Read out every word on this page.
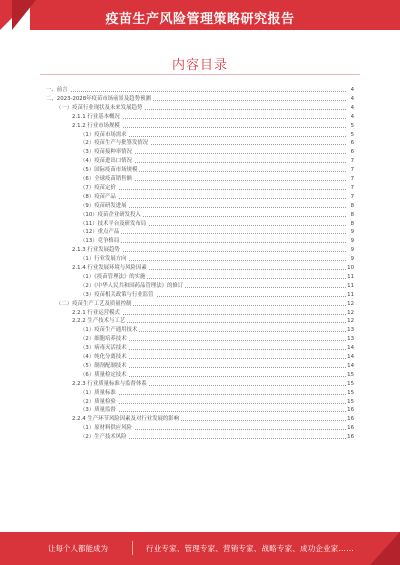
疫苗生产风险管理策略研究报告
内容目录
一、前言	4
二、2023-2028年疫苗市场前景及趋势预测	4
（一）疫苗行业现状及未来发展趋势	4
2.1.1 行业基本概况	4
2.1.2 行业市场规模	5
（1）疫苗市场需求	5
（2）疫苗生产与批签发情况	6
（3）疫苗接种率情况	6
（4）疫苗进出口情况	7
（5）国际疫苗市场规模	7
（6）全球疫苗销售额	7
（7）疫苗定价	7
（8）疫苗产品	7
（9）疫苗研发进展	8
（10）疫苗企业研发投入	8
（11）技术平台及研发布局	8
（12）重点产品	9
（13）竞争格局	9
2.1.3 行业发展趋势	9
（1）行业发展方向	9
2.1.4 行业发展环境与风险因素	10
（1）《疫苗管理法》的实施	11
（2）《中华人民共和国药品管理法》的修订	11
（3）疫苗相关政策与行业监管	11
（二）疫苗生产工艺及质量控制	12
2.2.1 行业运营模式	12
2.2.2 生产技术与工艺	12
（1）疫苗生产通用技术	13
（2）细胞培养技术	13
（3）病毒灭活技术	14
（4）纯化分离技术	14
（5）制剂配制技术	14
（6）质量检定技术	15
2.2.3 行业质量标准与监督体系	15
（1）质量标准	15
（2）质量检验	15
（3）质量监督	16
2.2.4 生产环节风险因素及对行业发展的影响	16
（1）原材料供应风险	16
（2）生产技术风险	16
让每个人都能成为	行业专家、管理专家、营销专家、战略专家、成功企业家……
